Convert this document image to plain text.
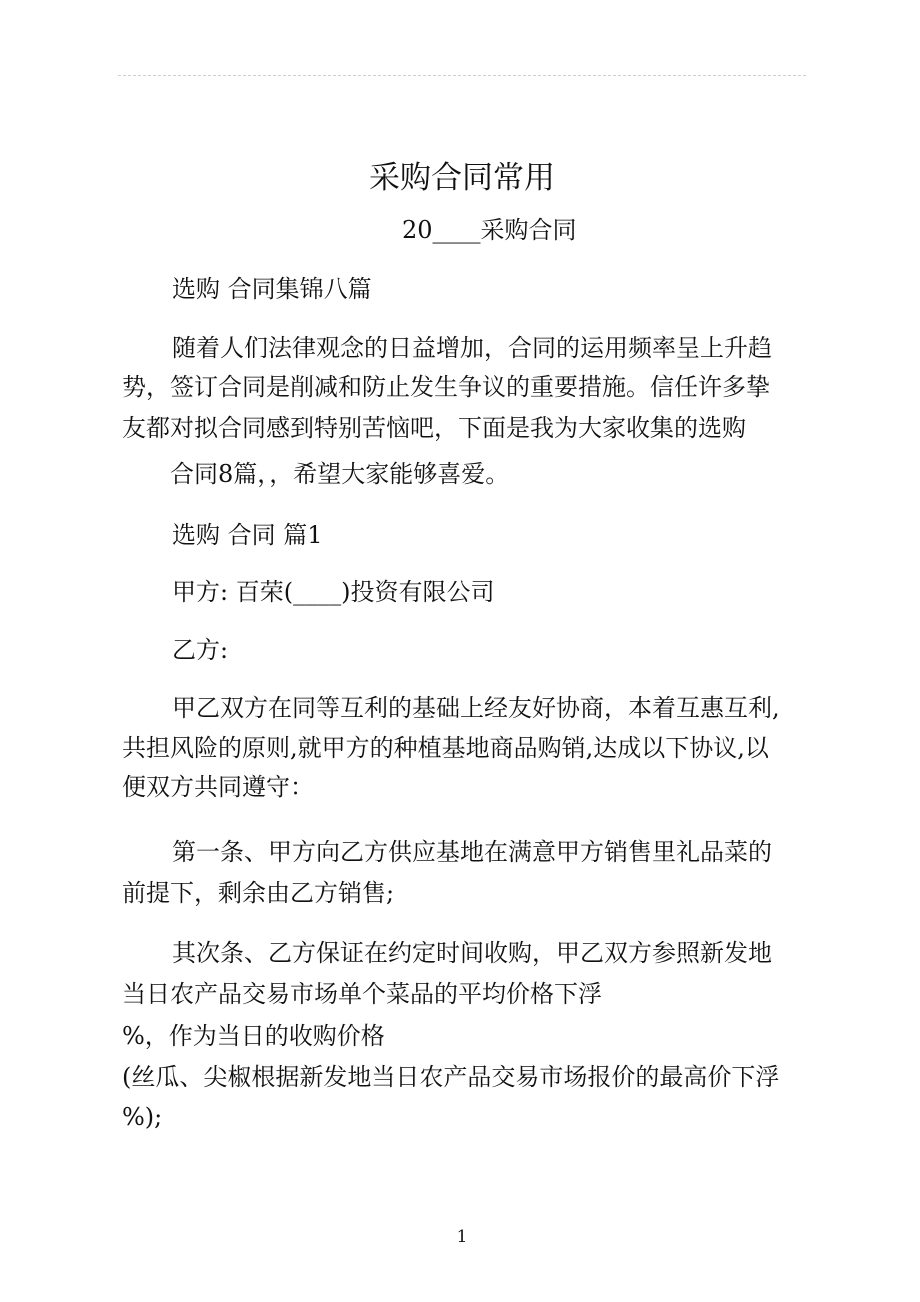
采购合同常用
20____采购合同
选购 合同集锦八篇
随着人们法律观念的日益增加，合同的运用频率呈上升趋
势，签订合同是削减和防止发生争议的重要措施。信任许多挚
友都对拟合同感到特别苦恼吧，下面是我为大家收集的选购
合同8篇，，希望大家能够喜爱。
选购 合同 篇1
甲方: 百荣(____)投资有限公司
乙方:
甲乙双方在同等互利的基础上经友好协商，本着互惠互利,
共担风险的原则,就甲方的种植基地商品购销,达成以下协议,以
便双方共同遵守：
第一条、甲方向乙方供应基地在满意甲方销售里礼品菜的
前提下，剩余由乙方销售;
其次条、乙方保证在约定时间收购，甲乙双方参照新发地
当日农产品交易市场单个菜品的平均价格下浮
%，作为当日的收购价格
(丝瓜、尖椒根据新发地当日农产品交易市场报价的最高价下浮
%);
1
